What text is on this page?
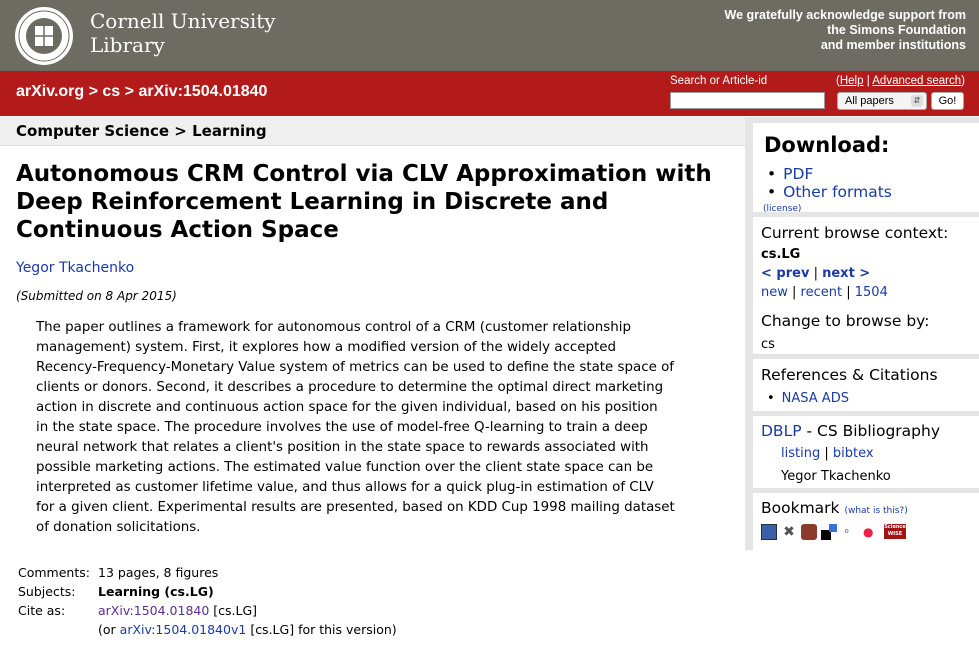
Cornell University
Library
We gratefully acknowledge support from
the Simons Foundation
and member institutions
arXiv.org > cs > arXiv:1504.01840
Search or Article-id	(Help | Advanced search)
All papers	⇵	Go!
Computer Science > Learning
Autonomous CRM Control via CLV Approximation with Deep Reinforcement Learning in Discrete and Continuous Action Space
Yegor Tkachenko
(Submitted on 8 Apr 2015)
The paper outlines a framework for autonomous control of a CRM (customer relationship
management) system. First, it explores how a modified version of the widely accepted
Recency-Frequency-Monetary Value system of metrics can be used to define the state space of
clients or donors. Second, it describes a procedure to determine the optimal direct marketing
action in discrete and continuous action space for the given individual, based on his position
in the state space. The procedure involves the use of model-free Q-learning to train a deep
neural network that relates a client's position in the state space to rewards associated with
possible marketing actions. The estimated value function over the client state space can be
interpreted as customer lifetime value, and thus allows for a quick plug-in estimation of CLV
for a given client. Experimental results are presented, based on KDD Cup 1998 mailing dataset
of donation solicitations.
Comments: 13 pages, 8 figures
Subjects: Learning (cs.LG)
Cite as:	arXiv:1504.01840 [cs.LG]
(or arXiv:1504.01840v1 [cs.LG] for this version)
Download:
• PDF
• Other formats
(license)
Current browse context:
cs.LG
< prev | next >
new | recent | 1504
Change to browse by:
cs
References & Citations
• NASA ADS
DBLP - CS Bibliography
listing | bibtex
Yegor Tkachenko
Bookmark (what is this?)
✖	⚬ ●	Science WISE
